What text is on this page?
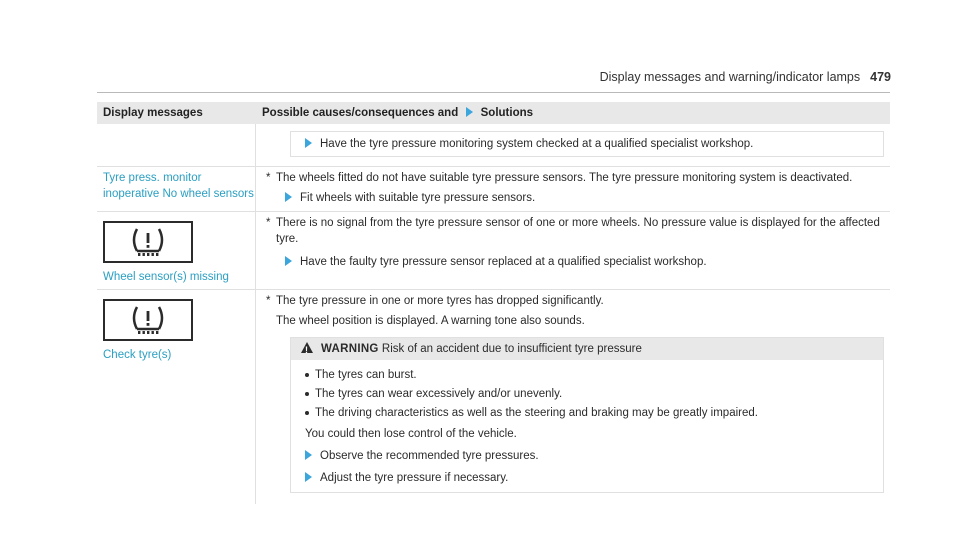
Display messages and warning/indicator lamps 479
Display messages	Possible causes/consequences and Solutions
Have the tyre pressure monitoring system checked at a qualified specialist workshop.
Tyre press. monitor inoperative No wheel sensors
* The wheels fitted do not have suitable tyre pressure sensors. The tyre pressure monitoring system is deactivated.
Fit wheels with suitable tyre pressure sensors.
Wheel sensor(s) missing
* There is no signal from the tyre pressure sensor of one or more wheels. No pressure value is displayed for the affected tyre.
Have the faulty tyre pressure sensor replaced at a qualified specialist workshop.
Check tyre(s)
* The tyre pressure in one or more tyres has dropped significantly.
The wheel position is displayed. A warning tone also sounds.
!WARNING Risk of an accident due to insufficient tyre pressure
The tyres can burst.
The tyres can wear excessively and/or unevenly.
The driving characteristics as well as the steering and braking may be greatly impaired.
You could then lose control of the vehicle.
Observe the recommended tyre pressures.
Adjust the tyre pressure if necessary.
